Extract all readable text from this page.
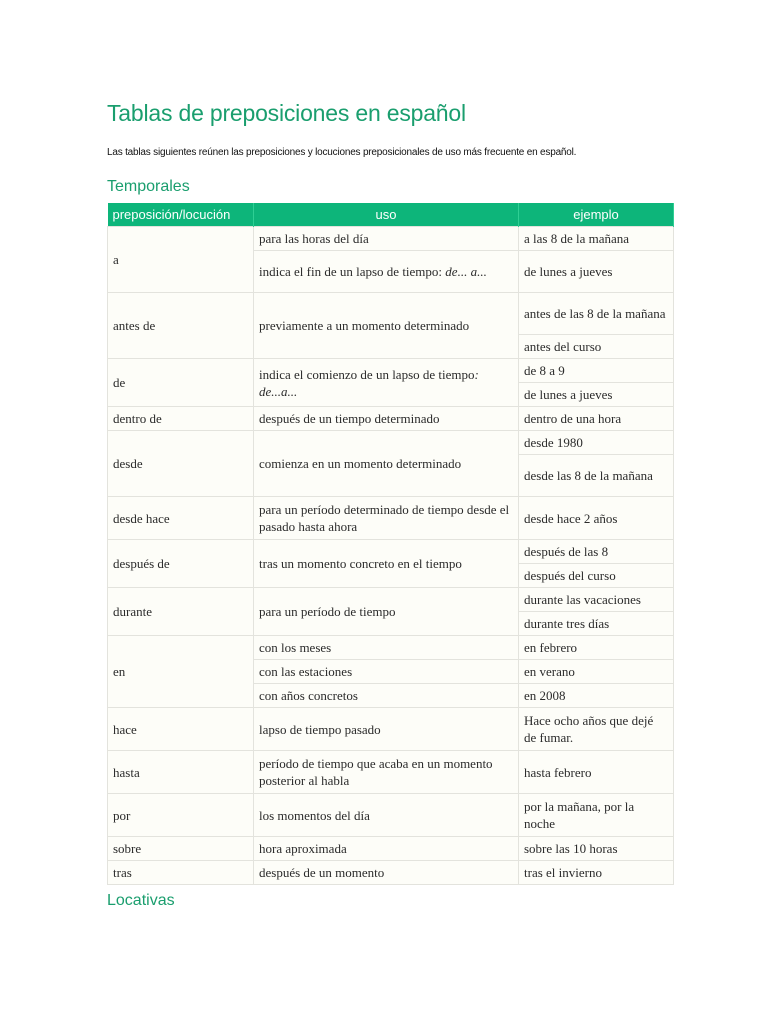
Tablas de preposiciones en español
Las tablas siguientes reúnen las preposiciones y locuciones preposicionales de uso más frecuente en español.
Temporales
preposición/locución	uso	ejemplo
a	para las horas del día	a las 8 de la mañana
	indica el fin de un lapso de tiempo: de... a...	de lunes a jueves
antes de	previamente a un momento determinado	antes de las 8 de la mañana
		antes del curso
de	indica el comienzo de un lapso de tiempo: de...a...	de 8 a 9
		de lunes a jueves
dentro de	después de un tiempo determinado	dentro de una hora
desde	comienza en un momento determinado	desde 1980
		desde las 8 de la mañana
desde hace	para un período determinado de tiempo desde el pasado hasta ahora	desde hace 2 años
después de	tras un momento concreto en el tiempo	después de las 8
		después del curso
durante	para un período de tiempo	durante las vacaciones
		durante tres días
en	con los meses	en febrero
	con las estaciones	en verano
	con años concretos	en 2008
hace	lapso de tiempo pasado	Hace ocho años que dejé de fumar.
hasta	período de tiempo que acaba en un momento posterior al habla	hasta febrero
por	los momentos del día	por la mañana, por la noche
sobre	hora aproximada	sobre las 10 horas
tras	después de un momento	tras el invierno
Locativas
